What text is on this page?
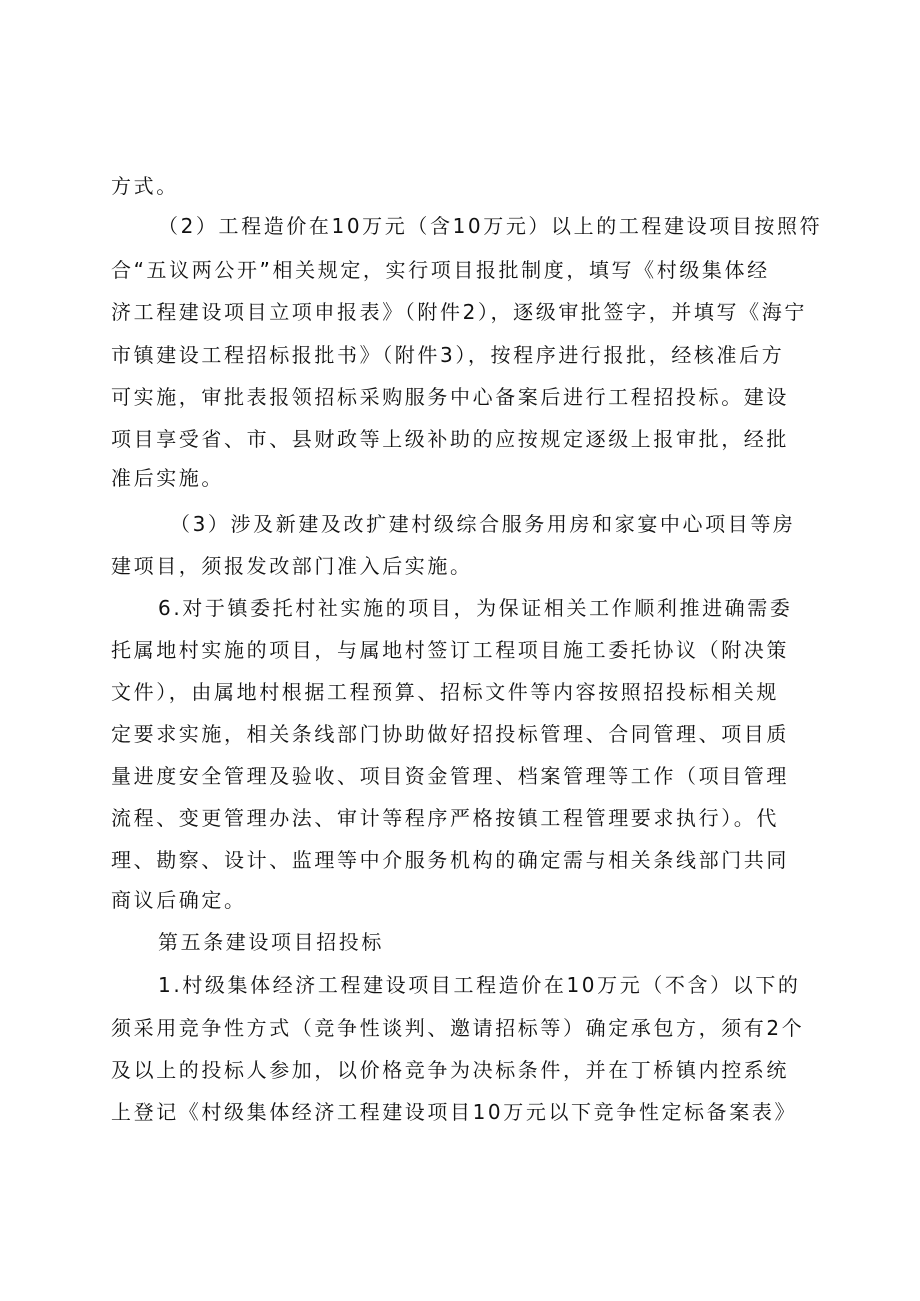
方式。
（2）工程造价在10万元（含10万元）以上的工程建设项目按照符
合“五议两公开”相关规定，实行项目报批制度，填写《村级集体经
济工程建设项目立项申报表》（附件2），逐级审批签字，并填写《海宁
市镇建设工程招标报批书》（附件3），按程序进行报批，经核准后方
可实施，审批表报领招标采购服务中心备案后进行工程招投标。建设
项目享受省、市、县财政等上级补助的应按规定逐级上报审批，经批
准后实施。
（3）涉及新建及改扩建村级综合服务用房和家宴中心项目等房
建项目，须报发改部门准入后实施。
6.对于镇委托村社实施的项目，为保证相关工作顺利推进确需委
托属地村实施的项目，与属地村签订工程项目施工委托协议（附决策
文件），由属地村根据工程预算、招标文件等内容按照招投标相关规
定要求实施，相关条线部门协助做好招投标管理、合同管理、项目质
量进度安全管理及验收、项目资金管理、档案管理等工作（项目管理
流程、变更管理办法、审计等程序严格按镇工程管理要求执行）。代
理、勘察、设计、监理等中介服务机构的确定需与相关条线部门共同
商议后确定。
第五条建设项目招投标
1.村级集体经济工程建设项目工程造价在10万元（不含）以下的
须采用竞争性方式（竞争性谈判、邀请招标等）确定承包方，须有2个
及以上的投标人参加，以价格竞争为决标条件，并在丁桥镇内控系统
上登记《村级集体经济工程建设项目10万元以下竞争性定标备案表》
